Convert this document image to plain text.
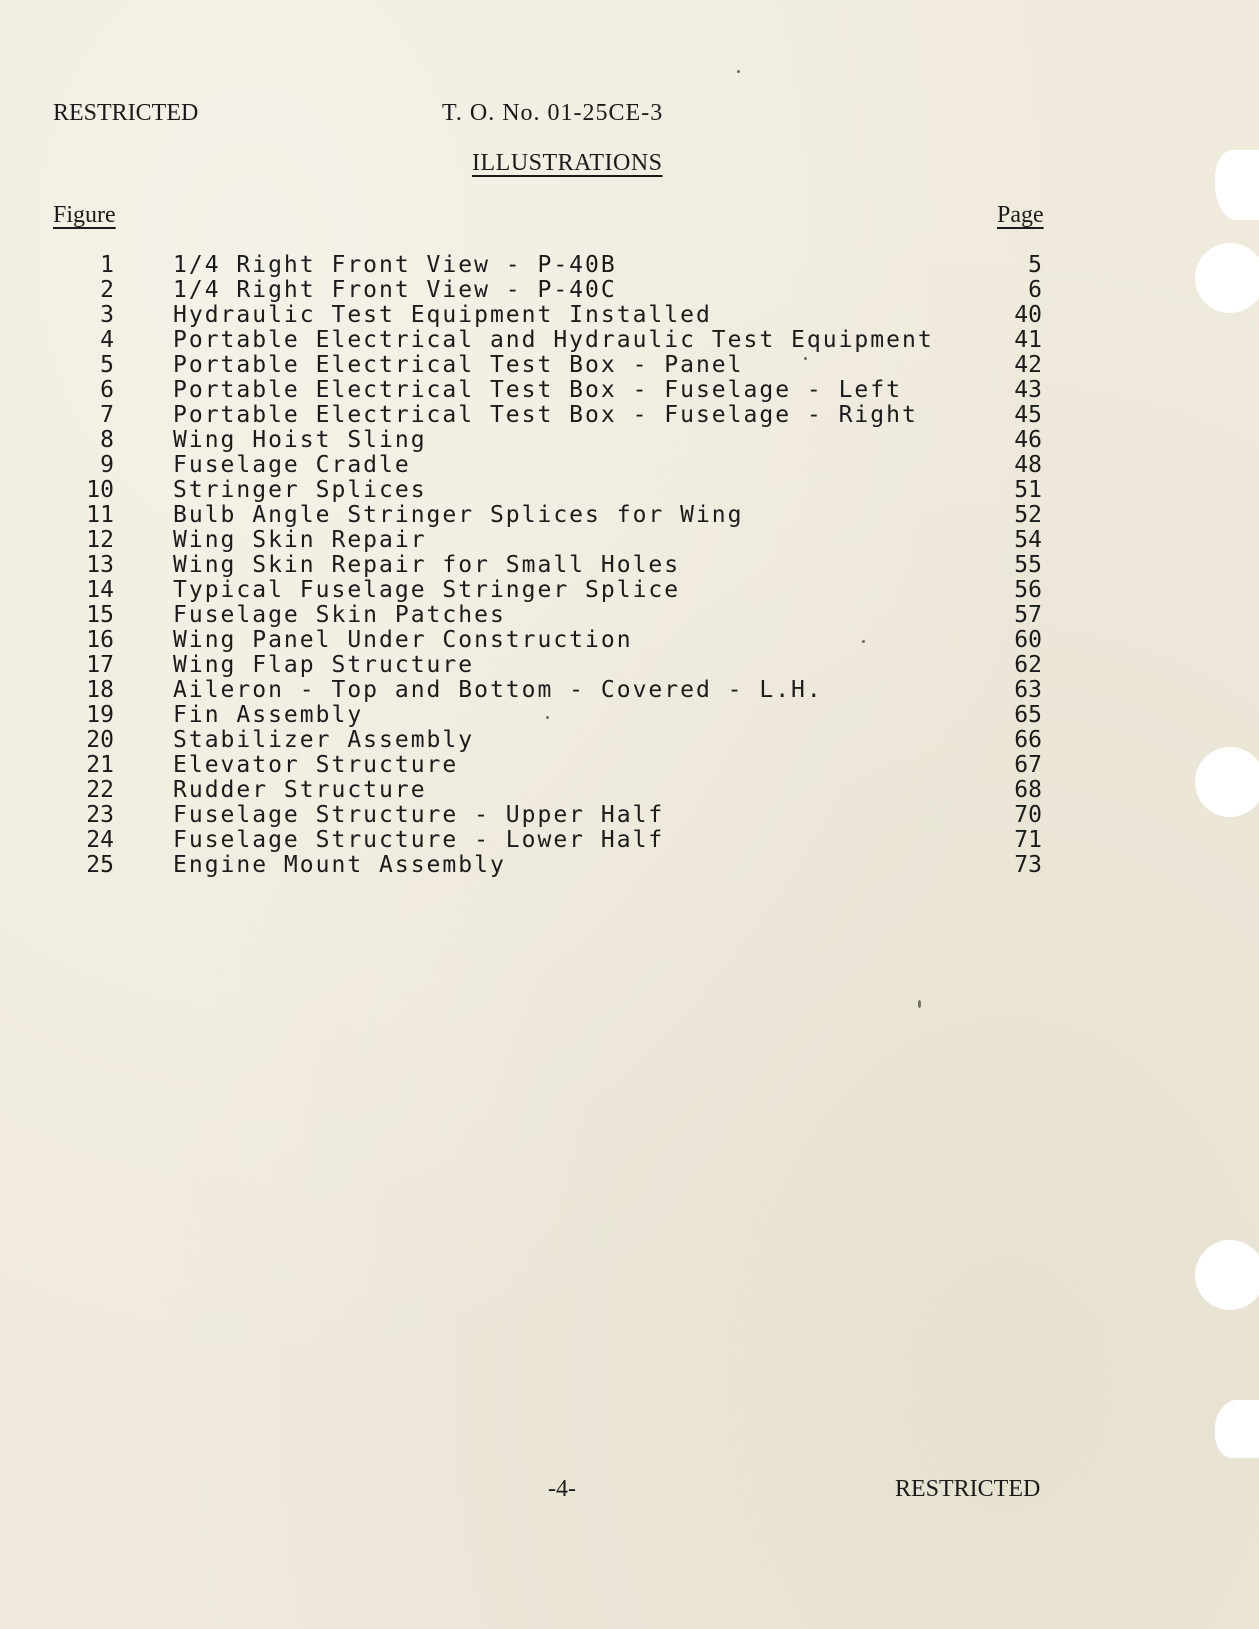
RESTRICTED	T. O. No. 01-25CE-3
ILLUSTRATIONS
Figure	Page
1	1/4 Right Front View - P-40B	5
2	1/4 Right Front View - P-40C	6
3	Hydraulic Test Equipment Installed	40
4	Portable Electrical and Hydraulic Test Equipment	41
5	Portable Electrical Test Box - Panel	42
6	Portable Electrical Test Box - Fuselage - Left	43
7	Portable Electrical Test Box - Fuselage - Right	45
8	Wing Hoist Sling	46
9	Fuselage Cradle	48
10	Stringer Splices	51
11	Bulb Angle Stringer Splices for Wing	52
12	Wing Skin Repair	54
13	Wing Skin Repair for Small Holes	55
14	Typical Fuselage Stringer Splice	56
15	Fuselage Skin Patches	57
16	Wing Panel Under Construction	60
17	Wing Flap Structure	62
18	Aileron - Top and Bottom - Covered - L.H.	63
19	Fin Assembly	65
20	Stabilizer Assembly	66
21	Elevator Structure	67
22	Rudder Structure	68
23	Fuselage Structure - Upper Half	70
24	Fuselage Structure - Lower Half	71
25	Engine Mount Assembly	73
-4-	RESTRICTED
